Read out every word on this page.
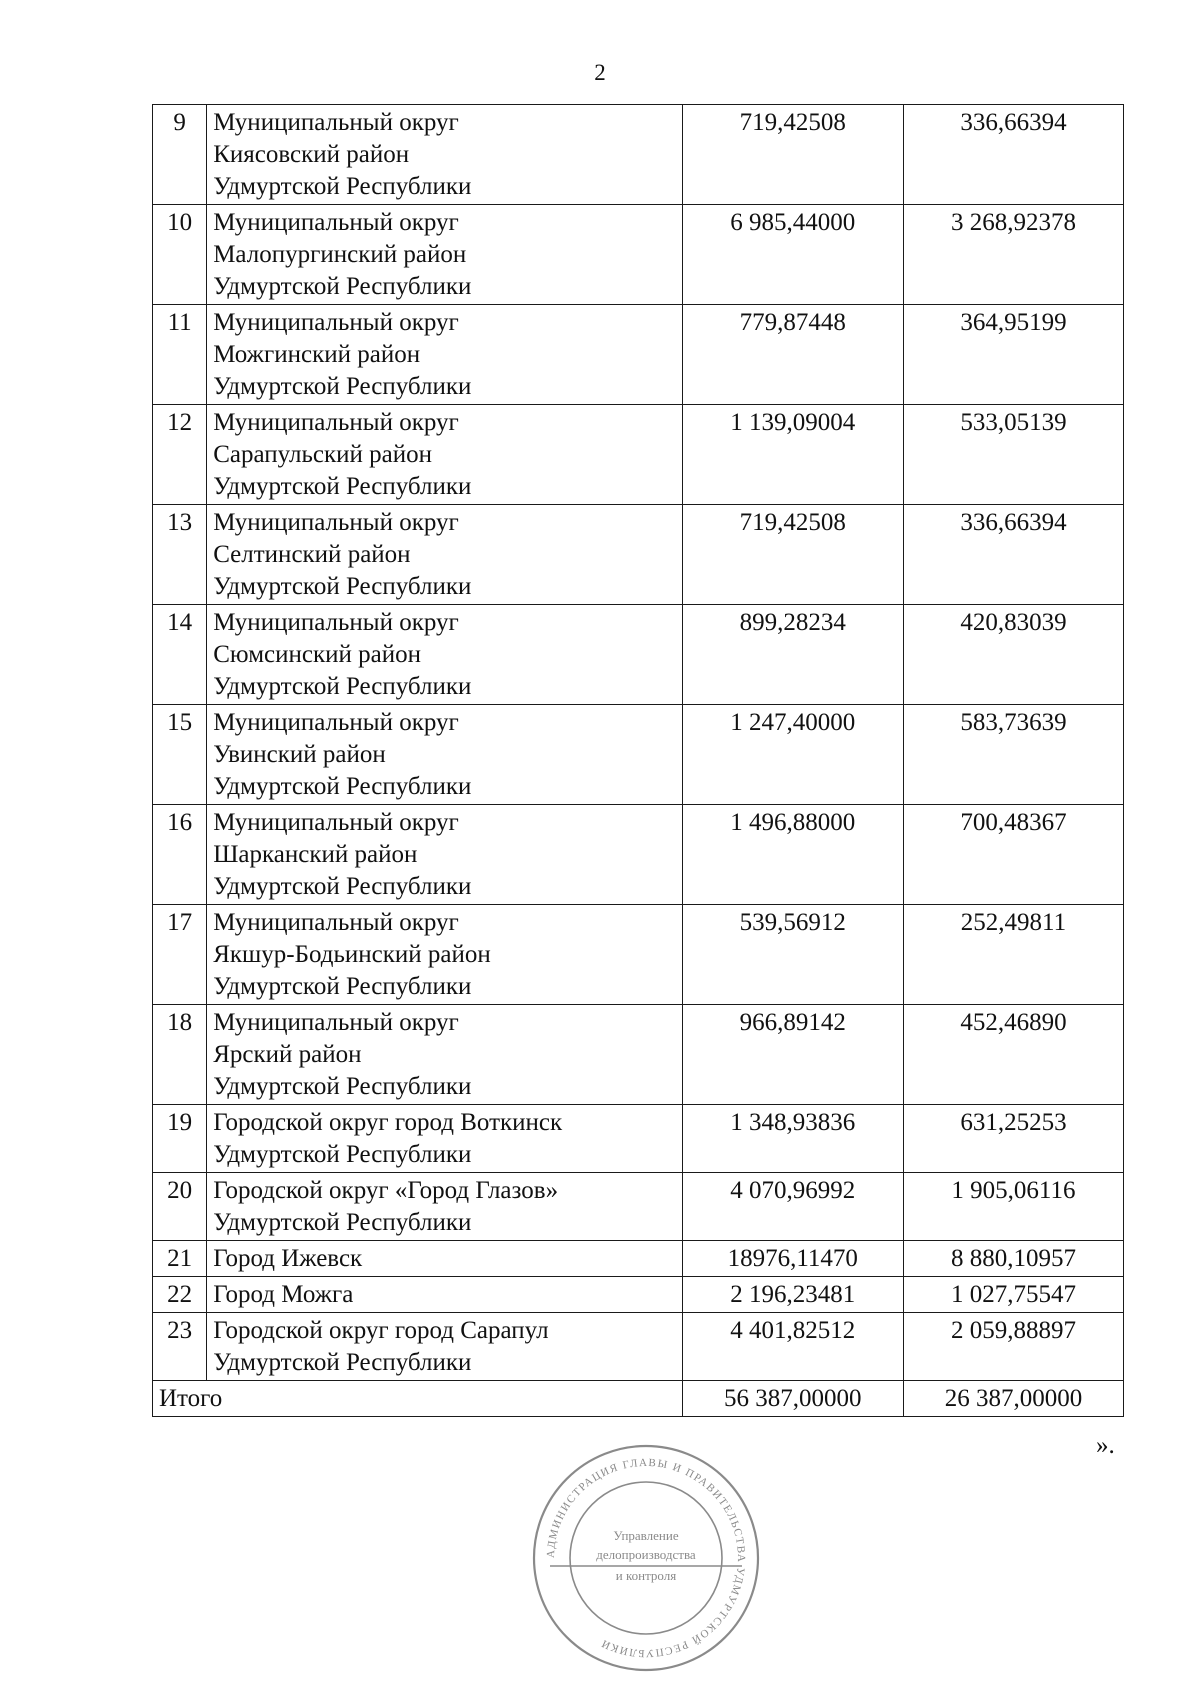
2
9	Муниципальный округ
Киясовский район
Удмуртской Республики	719,42508	336,66394
10	Муниципальный округ
Малопургинский район
Удмуртской Республики	6 985,44000	3 268,92378
11	Муниципальный округ
Можгинский район
Удмуртской Республики	779,87448	364,95199
12	Муниципальный округ
Сарапульский район
Удмуртской Республики	1 139,09004	533,05139
13	Муниципальный округ
Селтинский район
Удмуртской Республики	719,42508	336,66394
14	Муниципальный округ
Сюмсинский район
Удмуртской Республики	899,28234	420,83039
15	Муниципальный округ
Увинский район
Удмуртской Республики	1 247,40000	583,73639
16	Муниципальный округ
Шарканский район
Удмуртской Республики	1 496,88000	700,48367
17	Муниципальный округ
Якшур-Бодьинский район
Удмуртской Республики	539,56912	252,49811
18	Муниципальный округ
Ярский район
Удмуртской Республики	966,89142	452,46890
19	Городской округ город Воткинск
Удмуртской Республики	1 348,93836	631,25253
20	Городской округ «Город Глазов»
Удмуртской Республики	4 070,96992	1 905,06116
21	Город Ижевск	18976,11470	8 880,10957
22	Город Можга	2 196,23481	1 027,75547
23	Городской округ город Сарапул
Удмуртской Республики	4 401,82512	2 059,88897
Итого		56 387,00000	26 387,00000
».
АДМИНИСТРАЦИЯ ГЛАВЫ И ПРАВИТЕЛЬСТВА УДМУРТСКОЙ РЕСПУБЛИКИ
Управление
делопроизводства
и контроля
